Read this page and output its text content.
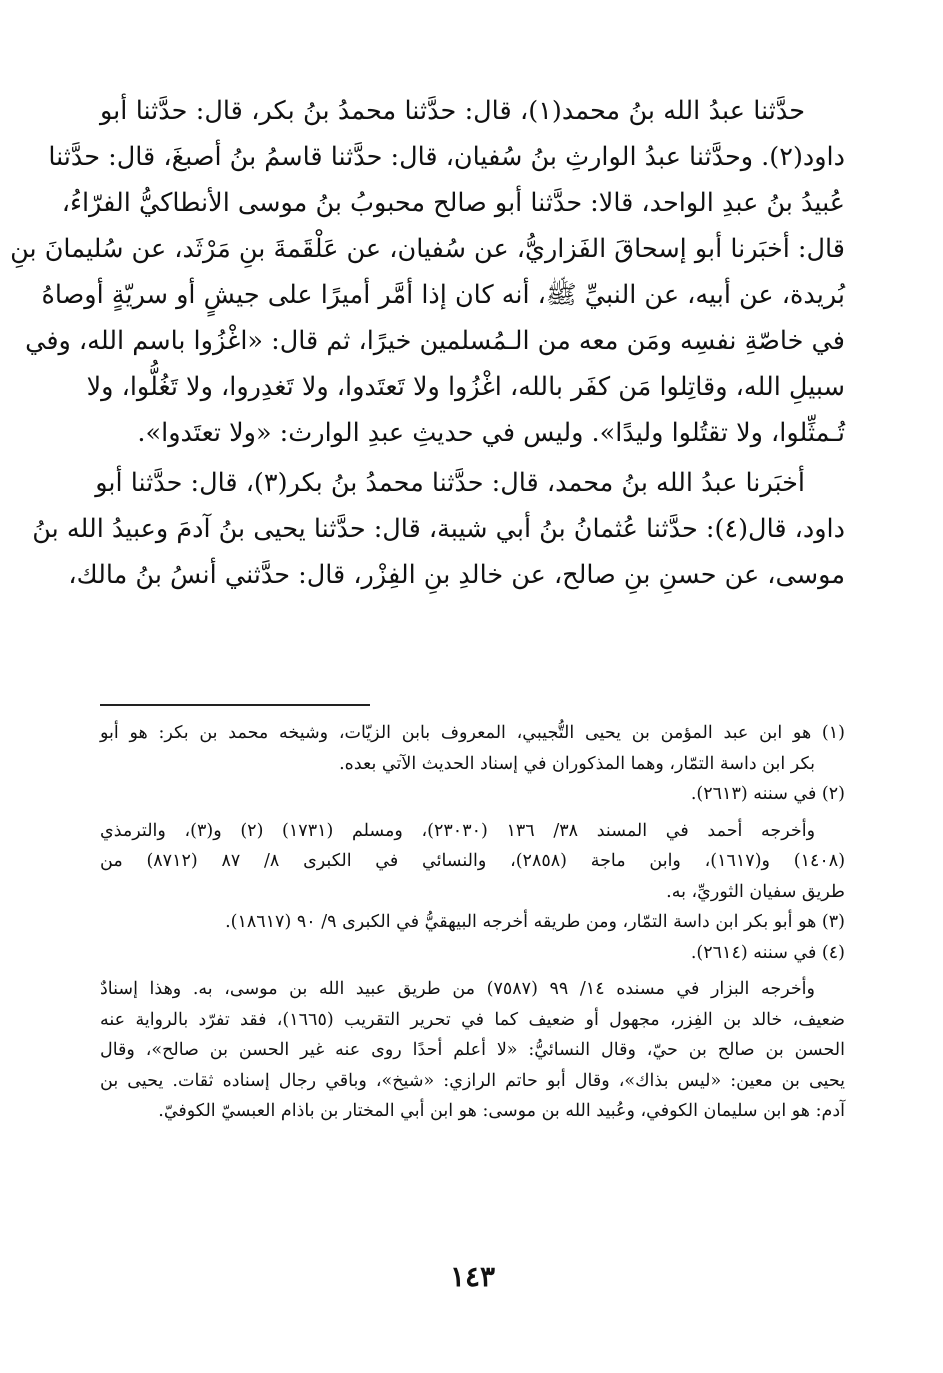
حدَّثنا عبدُ الله بنُ محمد(١)، قال: حدَّثنا محمدُ بنُ بكر، قال: حدَّثنا أبو
داود(٢). وحدَّثنا عبدُ الوارثِ بنُ سُفيان، قال: حدَّثنا قاسمُ بنُ أصبغَ، قال: حدَّثنا
عُبيدُ بنُ عبدِ الواحد، قالا: حدَّثنا أبو صالح محبوبُ بنُ موسى الأنطاكيُّ الفرّاءُ،
قال: أخبَرنا أبو إسحاقَ الفَزاريُّ، عن سُفيان، عن عَلْقَمةَ بنِ مَرْثَد، عن سُليمانَ بنِ
بُريدة، عن أبيه، عن النبيِّ ﷺ، أنه كان إذا أمَّر أميرًا على جيشٍ أو سريّةٍ أوصاهُ
في خاصّةِ نفسِه ومَن معه من الـمُسلمين خيرًا، ثم قال: «اغْزُوا باسم الله، وفي
سبيلِ الله، وقاتِلوا مَن كفَر بالله، اغْزُوا ولا تَعتَدوا، ولا تَغدِروا، ولا تَغُلُّوا، ولا
تُـمثِّلوا، ولا تقتُلوا وليدًا». وليس في حديثِ عبدِ الوارث: «ولا تعتَدوا».
أخبَرنا عبدُ الله بنُ محمد، قال: حدَّثنا محمدُ بنُ بكر(٣)، قال: حدَّثنا أبو
داود، قال(٤): حدَّثنا عُثمانُ بنُ أبي شيبة، قال: حدَّثنا يحيى بنُ آدمَ وعبيدُ الله بنُ
موسى، عن حسنِ بنِ صالح، عن خالدِ بنِ الفِزْر، قال: حدَّثني أنسُ بنُ مالك،
(١) هو ابن عبد المؤمن بن يحيى التُّجيبي، المعروف بابن الزيّات، وشيخه محمد بن بكر: هو أبو
بكر ابن داسة التمّار، وهما المذكوران في إسناد الحديث الآتي بعده.
(٢) في سننه (٢٦١٣).
وأخرجه أحمد في المسند ٣٨/ ١٣٦ (٢٣٠٣٠)، ومسلم (١٧٣١) (٢) و(٣)، والترمذي
(١٤٠٨) و(١٦١٧)، وابن ماجة (٢٨٥٨)، والنسائي في الكبرى ٨/ ٨٧ (٨٧١٢) من
طريق سفيان الثوريِّ، به.
(٣) هو أبو بكر ابن داسة التمّار، ومن طريقه أخرجه البيهقيُّ في الكبرى ٩/ ٩٠ (١٨٦١٧).
(٤) في سننه (٢٦١٤).
وأخرجه البزار في مسنده ١٤/ ٩٩ (٧٥٨٧) من طريق عبيد الله بن موسى، به. وهذا إسنادٌ
ضعيف، خالد بن الفِزر، مجهول أو ضعيف كما في تحرير التقريب (١٦٦٥)، فقد تفرّد بالرواية عنه
الحسن بن صالح بن حيّ، وقال النسائيُّ: «لا أعلم أحدًا روى عنه غير الحسن بن صالح»، وقال
يحيى بن معين: «ليس بذاك»، وقال أبو حاتم الرازي: «شيخ»، وباقي رجال إسناده ثقات. يحيى بن
آدم: هو ابن سليمان الكوفي، وعُبيد الله بن موسى: هو ابن أبي المختار بن باذام العبسيّ الكوفيّ.
١٤٣
